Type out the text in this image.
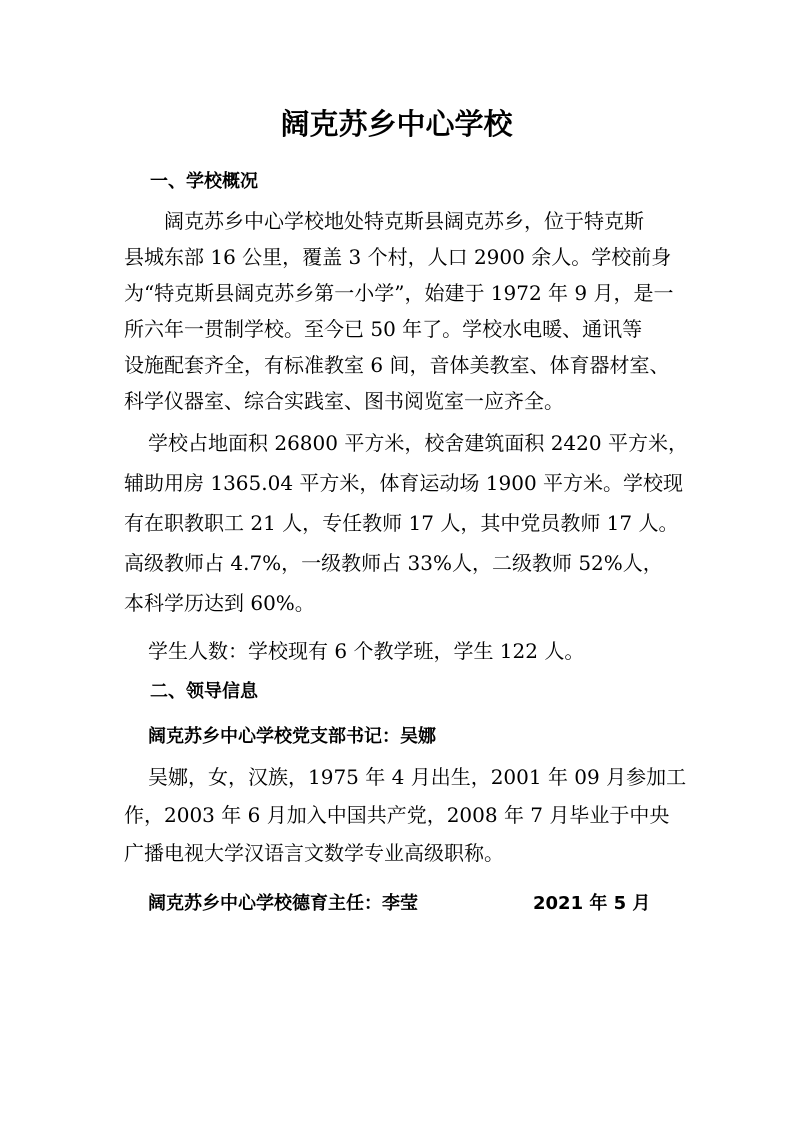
阔克苏乡中心学校
一、学校概况
阔克苏乡中心学校地处特克斯县阔克苏乡，位于特克斯
县城东部 16 公里，覆盖 3 个村，人口 2900 余人。学校前身
为“特克斯县阔克苏乡第一小学”，始建于 1972 年 9 月，是一
所六年一贯制学校。至今已 50 年了。学校水电暖、通讯等
设施配套齐全，有标准教室 6 间，音体美教室、体育器材室、
科学仪器室、综合实践室、图书阅览室一应齐全。
学校占地面积 26800 平方米，校舍建筑面积 2420 平方米，
辅助用房 1365.04 平方米，体育运动场 1900 平方米。学校现
有在职教职工 21 人，专任教师 17 人，其中党员教师 17 人。
高级教师占 4.7%，一级教师占 33%人，二级教师 52%人，
本科学历达到 60%。
学生人数：学校现有 6 个教学班，学生 122 人。
二、领导信息
阔克苏乡中心学校党支部书记：吴娜
吴娜，女，汉族，1975 年 4 月出生，2001 年 09 月参加工
作，2003 年 6 月加入中国共产党，2008 年 7 月毕业于中央
广播电视大学汉语言文数学专业高级职称。
阔克苏乡中心学校德育主任：李莹	2021 年 5 月
